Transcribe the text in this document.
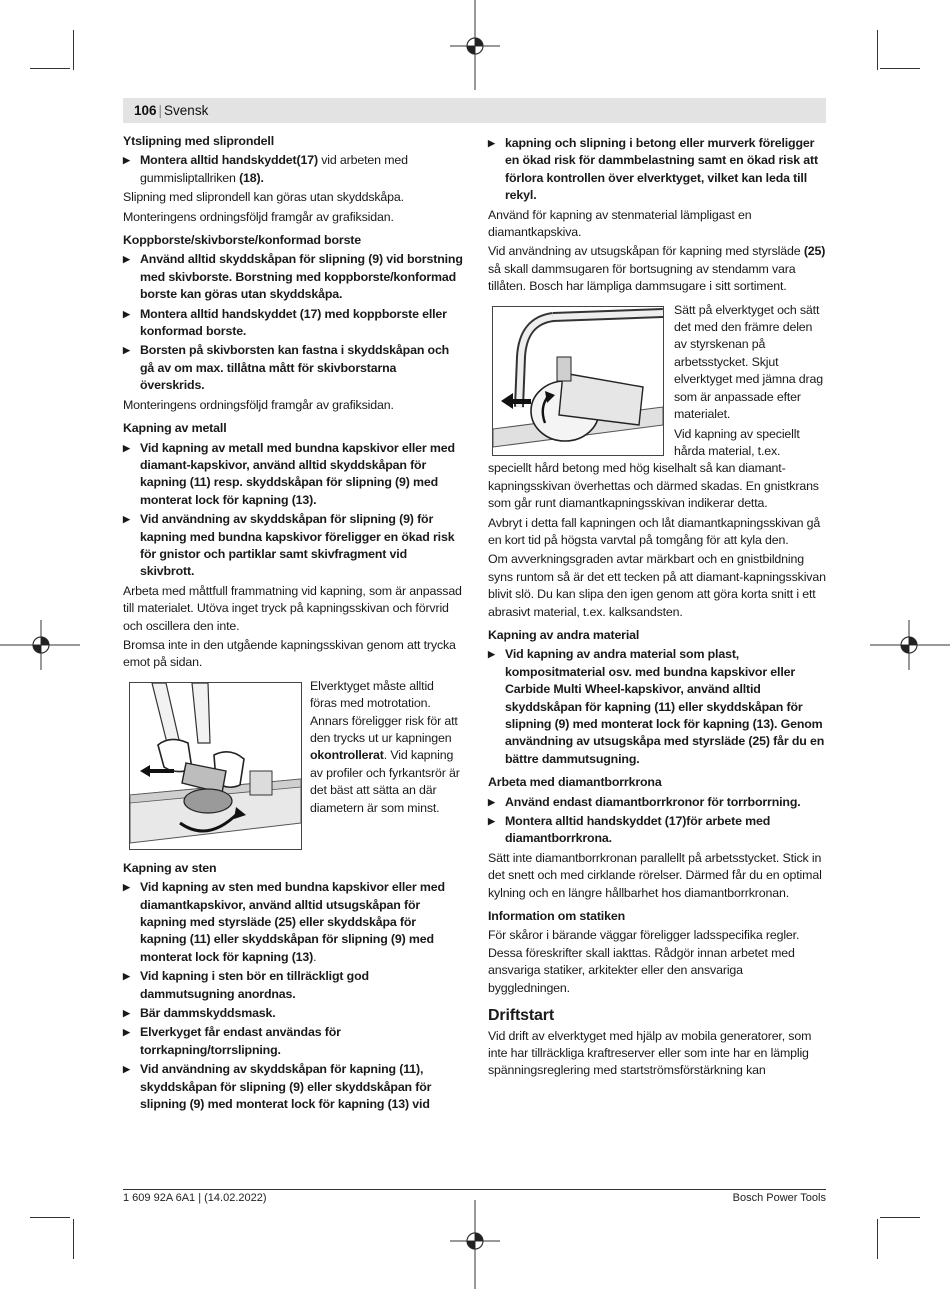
106 | Svensk
Ytslipning med sliprondell
▶ Montera alltid handskyddet(17) vid arbeten med gummisliptallriken (18).
Slipning med sliprondell kan göras utan skyddskåpa.
Monteringens ordningsföljd framgår av grafiksidan.
Koppborste/skivborste/konformad borste
▶ Använd alltid skyddskåpan för slipning (9) vid borstning med skivborste. Borstning med koppborste/konformad borste kan göras utan skyddskåpa.
▶ Montera alltid handskyddet (17) med koppborste eller konformad borste.
▶ Borsten på skivborsten kan fastna i skyddskåpan och gå av om max. tillåtna mått för skivborstarna överskrids.
Monteringens ordningsföljd framgår av grafiksidan.
Kapning av metall
▶ Vid kapning av metall med bundna kapskivor eller med diamant-kapskivor, använd alltid skyddskåpan för kapning (11) resp. skyddskåpan för slipning (9) med monterat lock för kapning (13).
▶ Vid användning av skyddskåpan för slipning (9) för kapning med bundna kapskivor föreligger en ökad risk för gnistor och partiklar samt skivfragment vid skivbrott.
Arbeta med måttfull frammatning vid kapning, som är anpassad till materialet. Utöva inget tryck på kapningsskivan och förvrid och oscillera den inte.
Bromsa inte in den utgående kapningsskivan genom att trycka emot på sidan.
Elverktyget måste alltid föras med motrotation. Annars föreligger risk för att den trycks ut ur kapningen okontrollerat. Vid kapning av profiler och fyrkantsrör är det bäst att sätta an där diametern är som minst.
Kapning av sten
▶ Vid kapning av sten med bundna kapskivor eller med diamantkapskivor, använd alltid utsugskåpan för kapning med styrsläde (25) eller skyddskåpa för kapning (11) eller skyddskåpan för slipning (9) med monterat lock för kapning (13).
▶ Vid kapning i sten bör en tillräckligt god dammutsugning anordnas.
▶ Bär dammskyddsmask.
▶ Elverkyget får endast användas för torrkapning/torrslipning.
▶ Vid användning av skyddskåpan för kapning (11), skyddskåpan för slipning (9) eller skyddskåpan för slipning (9) med monterat lock för kapning (13) vid
▶ kapning och slipning i betong eller murverk föreligger en ökad risk för dammbelastning samt en ökad risk att förlora kontrollen över elverktyget, vilket kan leda till rekyl.
Använd för kapning av stenmaterial lämpligast en diamantkapskiva.
Vid användning av utsugskåpan för kapning med styrsläde (25) så skall dammsugaren för bortsugning av stendamm vara tillåten. Bosch har lämpliga dammsugare i sitt sortiment.
Sätt på elverktyget och sätt det med den främre delen av styrskenan på arbetsstycket. Skjut elverktyget med jämna drag som är anpassade efter materialet.
Vid kapning av speciellt hårda material, t.ex. speciellt hård betong med hög kiselhalt så kan diamant-kapningsskivan överhettas och därmed skadas. En gnistkrans som går runt diamantkapningsskivan indikerar detta.
Avbryt i detta fall kapningen och låt diamantkapningsskivan gå en kort tid på högsta varvtal på tomgång för att kyla den.
Om avverkningsgraden avtar märkbart och en gnistbildning syns runtom så är det ett tecken på att diamant-kapningsskivan blivit slö. Du kan slipa den igen genom att göra korta snitt i ett abrasivt material, t.ex. kalksandsten.
Kapning av andra material
▶ Vid kapning av andra material som plast, kompositmaterial osv. med bundna kapskivor eller Carbide Multi Wheel-kapskivor, använd alltid skyddskåpan för kapning (11) eller skyddskåpan för slipning (9) med monterat lock för kapning (13). Genom användning av utsugskåpa med styrsläde (25) får du en bättre dammutsugning.
Arbeta med diamantborrkrona
▶ Använd endast diamantborrkronor för torrborrning.
▶ Montera alltid handskyddet (17)för arbete med diamantborrkrona.
Sätt inte diamantborrkronan parallellt på arbetsstycket. Stick in det snett och med cirklande rörelser. Därmed får du en optimal kylning och en längre hållbarhet hos diamantborrkronan.
Information om statiken
För skåror i bärande väggar föreligger ladsspecifika regler. Dessa föreskrifter skall iakttas. Rådgör innan arbetet med ansvariga statiker, arkitekter eller den ansvariga byggledningen.
Driftstart
Vid drift av elverktyget med hjälp av mobila generatorer, som inte har tillräckliga kraftreserver eller som inte har en lämplig spänningsreglering med startströmsförstärkning kan
1 609 92A 6A1 | (14.02.2022)	Bosch Power Tools
